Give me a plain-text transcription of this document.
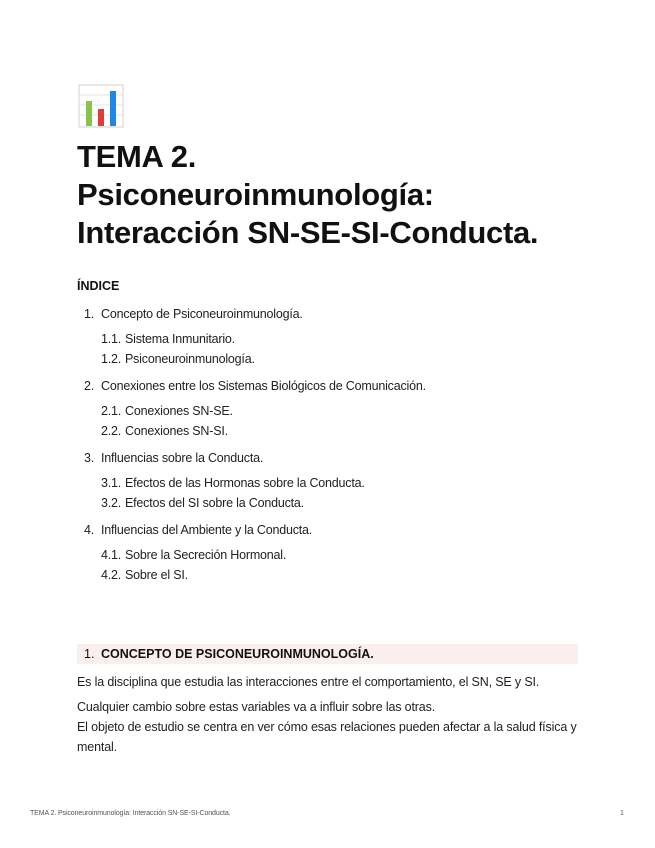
TEMA 2.
Psiconeuroinmunología:
Interacción SN-SE-SI-Conducta.
ÍNDICE
1. Concepto de Psiconeuroinmunología.
1.1. Sistema Inmunitario.
1.2. Psiconeuroinmunología.
2. Conexiones entre los Sistemas Biológicos de Comunicación.
2.1. Conexiones SN-SE.
2.2. Conexiones SN-SI.
3. Influencias sobre la Conducta.
3.1. Efectos de las Hormonas sobre la Conducta.
3.2. Efectos del SI sobre la Conducta.
4. Influencias del Ambiente y la Conducta.
4.1. Sobre la Secreción Hormonal.
4.2. Sobre el SI.
1. CONCEPTO DE PSICONEUROINMUNOLOGÍA.

Es la disciplina que estudia las interacciones entre el comportamiento, el SN, SE y SI.

Cualquier cambio sobre estas variables va a influir sobre las otras.

El objeto de estudio se centra en ver cómo esas relaciones pueden afectar a la salud física y mental.

TEMA 2. Psiconeuroinmunología: Interacción SN-SE-SI-Conducta.	1
